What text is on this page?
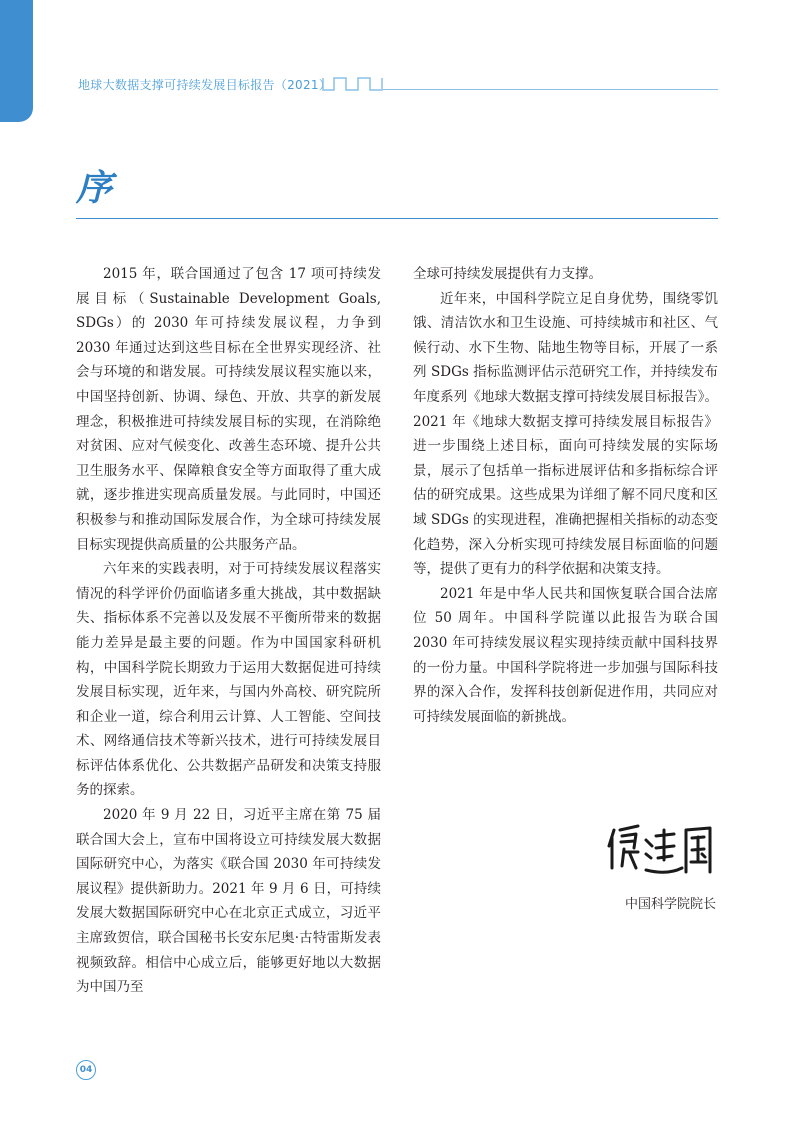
地球大数据支撑可持续发展目标报告（2021）
序

2015 年，联合国通过了包含 17 项可持续发展目标（Sustainable Development Goals, SDGs）的 2030 年可持续发展议程，力争到 2030 年通过达到这些目标在全世界实现经济、社会与环境的和谐发展。可持续发展议程实施以来，中国坚持创新、协调、绿色、开放、共享的新发展理念，积极推进可持续发展目标的实现，在消除绝对贫困、应对气候变化、改善生态环境、提升公共卫生服务水平、保障粮食安全等方面取得了重大成就，逐步推进实现高质量发展。与此同时，中国还积极参与和推动国际发展合作，为全球可持续发展目标实现提供高质量的公共服务产品。

六年来的实践表明，对于可持续发展议程落实情况的科学评价仍面临诸多重大挑战，其中数据缺失、指标体系不完善以及发展不平衡所带来的数据能力差异是最主要的问题。作为中国国家科研机构，中国科学院长期致力于运用大数据促进可持续发展目标实现，近年来，与国内外高校、研究院所和企业一道，综合利用云计算、人工智能、空间技术、网络通信技术等新兴技术，进行可持续发展目标评估体系优化、公共数据产品研发和决策支持服务的探索。

2020 年 9 月 22 日，习近平主席在第 75 届联合国大会上，宣布中国将设立可持续发展大数据国际研究中心，为落实《联合国 2030 年可持续发展议程》提供新助力。2021 年 9 月 6 日，可持续发展大数据国际研究中心在北京正式成立，习近平主席致贺信，联合国秘书长安东尼奥·古特雷斯发表视频致辞。相信中心成立后，能够更好地以大数据为中国乃至

全球可持续发展提供有力支撑。

近年来，中国科学院立足自身优势，围绕零饥饿、清洁饮水和卫生设施、可持续城市和社区、气候行动、水下生物、陆地生物等目标，开展了一系列 SDGs 指标监测评估示范研究工作，并持续发布年度系列《地球大数据支撑可持续发展目标报告》。2021 年《地球大数据支撑可持续发展目标报告》进一步围绕上述目标，面向可持续发展的实际场景，展示了包括单一指标进展评估和多指标综合评估的研究成果。这些成果为详细了解不同尺度和区域 SDGs 的实现进程，准确把握相关指标的动态变化趋势，深入分析实现可持续发展目标面临的问题等，提供了更有力的科学依据和决策支持。

2021 年是中华人民共和国恢复联合国合法席位 50 周年。中国科学院谨以此报告为联合国 2030 年可持续发展议程实现持续贡献中国科技界的一份力量。中国科学院将进一步加强与国际科技界的深入合作，发挥科技创新促进作用，共同应对可持续发展面临的新挑战。

中国科学院院长
04
